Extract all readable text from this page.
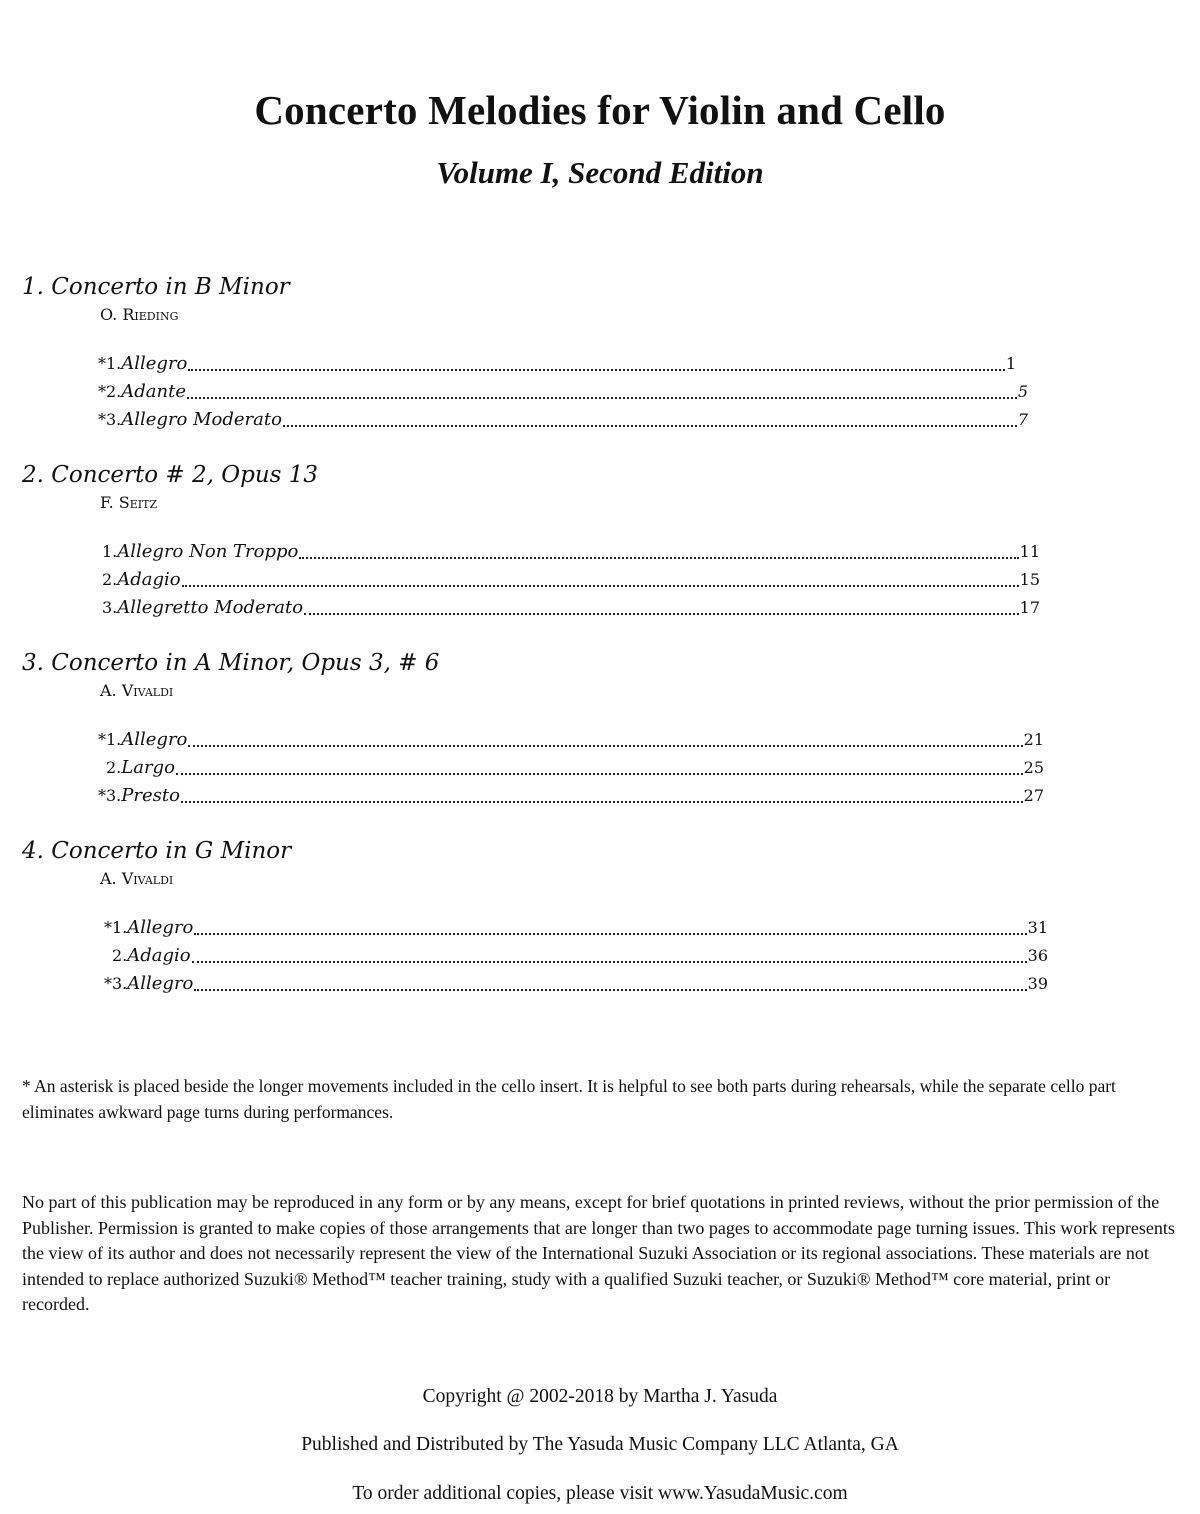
Concerto Melodies for Violin and Cello
Volume I, Second Edition
1. Concerto in B Minor
O. Rieding
*1. Allegro	1
*2. Adante	5
*3. Allegro Moderato	7
2. Concerto # 2, Opus 13
F. Seitz
1. Allegro Non Troppo	11
2. Adagio	15
3. Allegretto Moderato	17
3. Concerto in A Minor, Opus 3, # 6
A. Vivaldi
*1. Allegro	21
2. Largo	25
*3. Presto	27
4. Concerto in G Minor
A. Vivaldi
*1. Allegro	31
2. Adagio	36
*3. Allegro	39
* An asterisk is placed beside the longer movements included in the cello insert. It is helpful to see both parts during rehearsals, while the separate cello part eliminates awkward page turns during performances.
No part of this publication may be reproduced in any form or by any means, except for brief quotations in printed reviews, without the prior permission of the Publisher. Permission is granted to make copies of those arrangements that are longer than two pages to accommodate page turning issues. This work represents the view of its author and does not necessarily represent the view of the International Suzuki Association or its regional associations. These materials are not intended to replace authorized Suzuki® Method™ teacher training, study with a qualified Suzuki teacher, or Suzuki® Method™ core material, print or recorded.
Copyright @ 2002-2018 by Martha J. Yasuda
Published and Distributed by The Yasuda Music Company LLC Atlanta, GA
To order additional copies, please visit www.YasudaMusic.com
